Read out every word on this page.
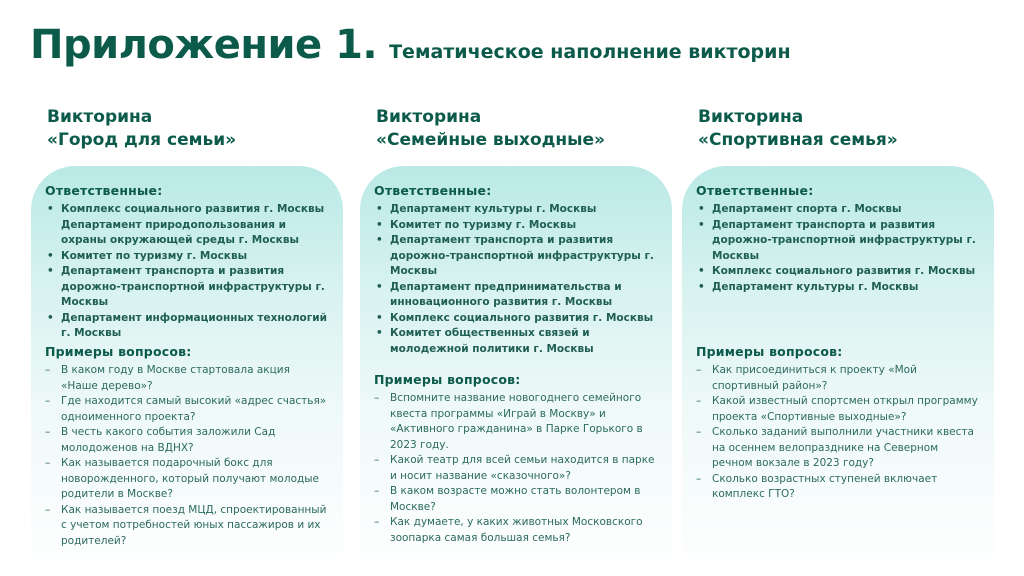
Приложение 1. Тематическое наполнение викторин
Викторина
«Город для семьи»
Ответственные:
• Комплекс социального развития г. Москвы Департамент природопользования и охраны окружающей среды г. Москвы
• Комитет по туризму г. Москвы
• Департамент транспорта и развития дорожно-транспортной инфраструктуры г. Москвы
• Департамент информационных технологий г. Москвы
Примеры вопросов:
– В каком году в Москве стартовала акция «Наше дерево»?
– Где находится самый высокий «адрес счастья» одноименного проекта?
– В честь какого события заложили Сад молодоженов на ВДНХ?
– Как называется подарочный бокс для новорожденного, который получают молодые родители в Москве?
– Как называется поезд МЦД, спроектированный с учетом потребностей юных пассажиров и их родителей?
Викторина
«Семейные выходные»
Ответственные:
• Департамент культуры г. Москвы
• Комитет по туризму г. Москвы
• Департамент транспорта и развития дорожно-транспортной инфраструктуры г. Москвы
• Департамент предпринимательства и инновационного развития г. Москвы
• Комплекс социального развития г. Москвы
• Комитет общественных связей и молодежной политики г. Москвы
Примеры вопросов:
– Вспомните название новогоднего семейного квеста программы «Играй в Москву» и «Активного гражданина» в Парке Горького в 2023 году.
– Какой театр для всей семьи находится в парке и носит название «сказочного»?
– В каком возрасте можно стать волонтером в Москве?
– Как думаете, у каких животных Московского зоопарка самая большая семья?
Викторина
«Спортивная семья»
Ответственные:
• Департамент спорта г. Москвы
• Департамент транспорта и развития дорожно-транспортной инфраструктуры г. Москвы
• Комплекс социального развития г. Москвы
• Департамент культуры г. Москвы
Примеры вопросов:
– Как присоединиться к проекту «Мой спортивный район»?
– Какой известный спортсмен открыл программу проекта «Спортивные выходные»?
– Сколько заданий выполнили участники квеста на осеннем велопразднике на Северном речном вокзале в 2023 году?
– Сколько возрастных ступеней включает комплекс ГТО?
